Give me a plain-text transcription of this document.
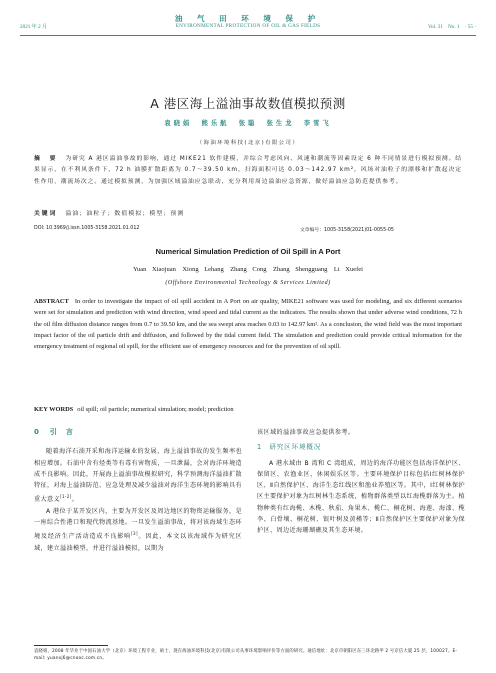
油 气 田 环 境 保 护
ENVIRONMENTAL PROTECTION OF OIL & GAS FIELDS
2021 年 2 月	Vol. 31　No. 1　· 55 ·
A 港区海上溢油事故数值模拟预测
袁晓娟　熊乐航　张聪　张生龙　李雪飞
（海油环境科技(北京)有限公司）
摘　要 为研究 A 港区溢油事故的影响，通过 MIKE21 软件建模，并综合考虑风向、风速和潮流等因素设定 6 种不同情景进行模拟预测。结果显示，在不利风条件下，72 h 油膜扩散距离为 0.7～39.50 km，扫海面积可达 0.03～142.97 km²，风场对油粒子的漂移和扩散起决定性作用，潮流场次之。通过模拟预测，为加强区域溢油应急联动，充分利用周边溢油应急资源，做好溢油应急防范提供参考。
关键词 溢油；油粒子；数值模拟；模型；预测
DOI: 10.3969/j.issn.1005-3158.2021.01.012	文章编号：1005-3158(2021)01-0055-05
Numerical Simulation Prediction of Oil Spill in A Port
Yuan Xiaojuan　Xiong Lehang　Zhang Cong　Zhang Shengguang　Li Xuefei
(Offshore Environmental Technology & Services Limited)
ABSTRACT In order to investigate the impact of oil spill accident in A Port on air quality, MIKE21 software was used for modeling, and six different scenarios were set for simulation and prediction with wind direction, wind speed and tidal current as the indicators. The results shown that under adverse wind conditions, 72 h the oil film diffusion distance ranges from 0.7 to 39.50 km, and the sea swept area reaches 0.03 to 142.97 km². As a conclusion, the wind field was the most important impact factor of the oil particle drift and diffusion, and followed by the tidal current field. The simulation and prediction could provide critical information for the emergency treatment of regional oil spill, for the efficient use of emergency resources and for the prevention of oil spill.
KEY WORDS oil spill; oil particle; numerical simulation; model; prediction
0 引　言

随着海洋石油开采和海洋运输业的发展，海上溢油事故的发生频率也相应增加。石油中含有烃类等有毒有害物质，一旦泄漏，会对海洋环境造成不良影响。因此，开展海上溢油事故模拟研究，科学预测海洋溢油扩散特征，对海上溢油防范、应急处理及减少溢油对海洋生态环境的影响具有重大意义[1-2]。

A 港位于某开发区内，主要为开发区及周边地区的物资运输服务，是一座综合性港口和现代物流基地。一旦发生溢油事故，将对该海域生态环境及经济生产活动造成不良影响[3]。因此，本文以该海域作为研究区域，建立溢油模型，并进行溢油模拟，以期为

该区域的溢油事故应急提供参考。

1　研究区环境概况

A 港水域由 B 湾和 C 湾组成，周边的海洋功能区包括海洋保护区、保留区、农渔业区、休闲娱乐区等。主要环境保护目标包括Ⅰ红树林保护区、Ⅱ自然保护区、海洋生态红线区和渔业养殖区等。其中，Ⅰ红树林保护区主要保护对象为红树林生态系统，植物群落类型以红海榄群落为主。植物种类有红海榄、木榄、秋茄、角果木、榄仁、桐花树、海莲、海漆、榄李、白骨壤、桐花树、银叶树及黄槿等；Ⅱ自然保护区主要保护对象为保护区、周边近海珊瑚礁及其生态环境。

袁晓娟，2008 年毕业于中国石油大学（北京）环境工程专业，硕士，现在海油环境科技(北京)有限公司从事环境影响评价等方面的研究。通信地址：北京市朝阳区东三环北路甲 2 号京信大厦 25 层，100027。E-mail: yuanxj6@cnooc.com.cn。
